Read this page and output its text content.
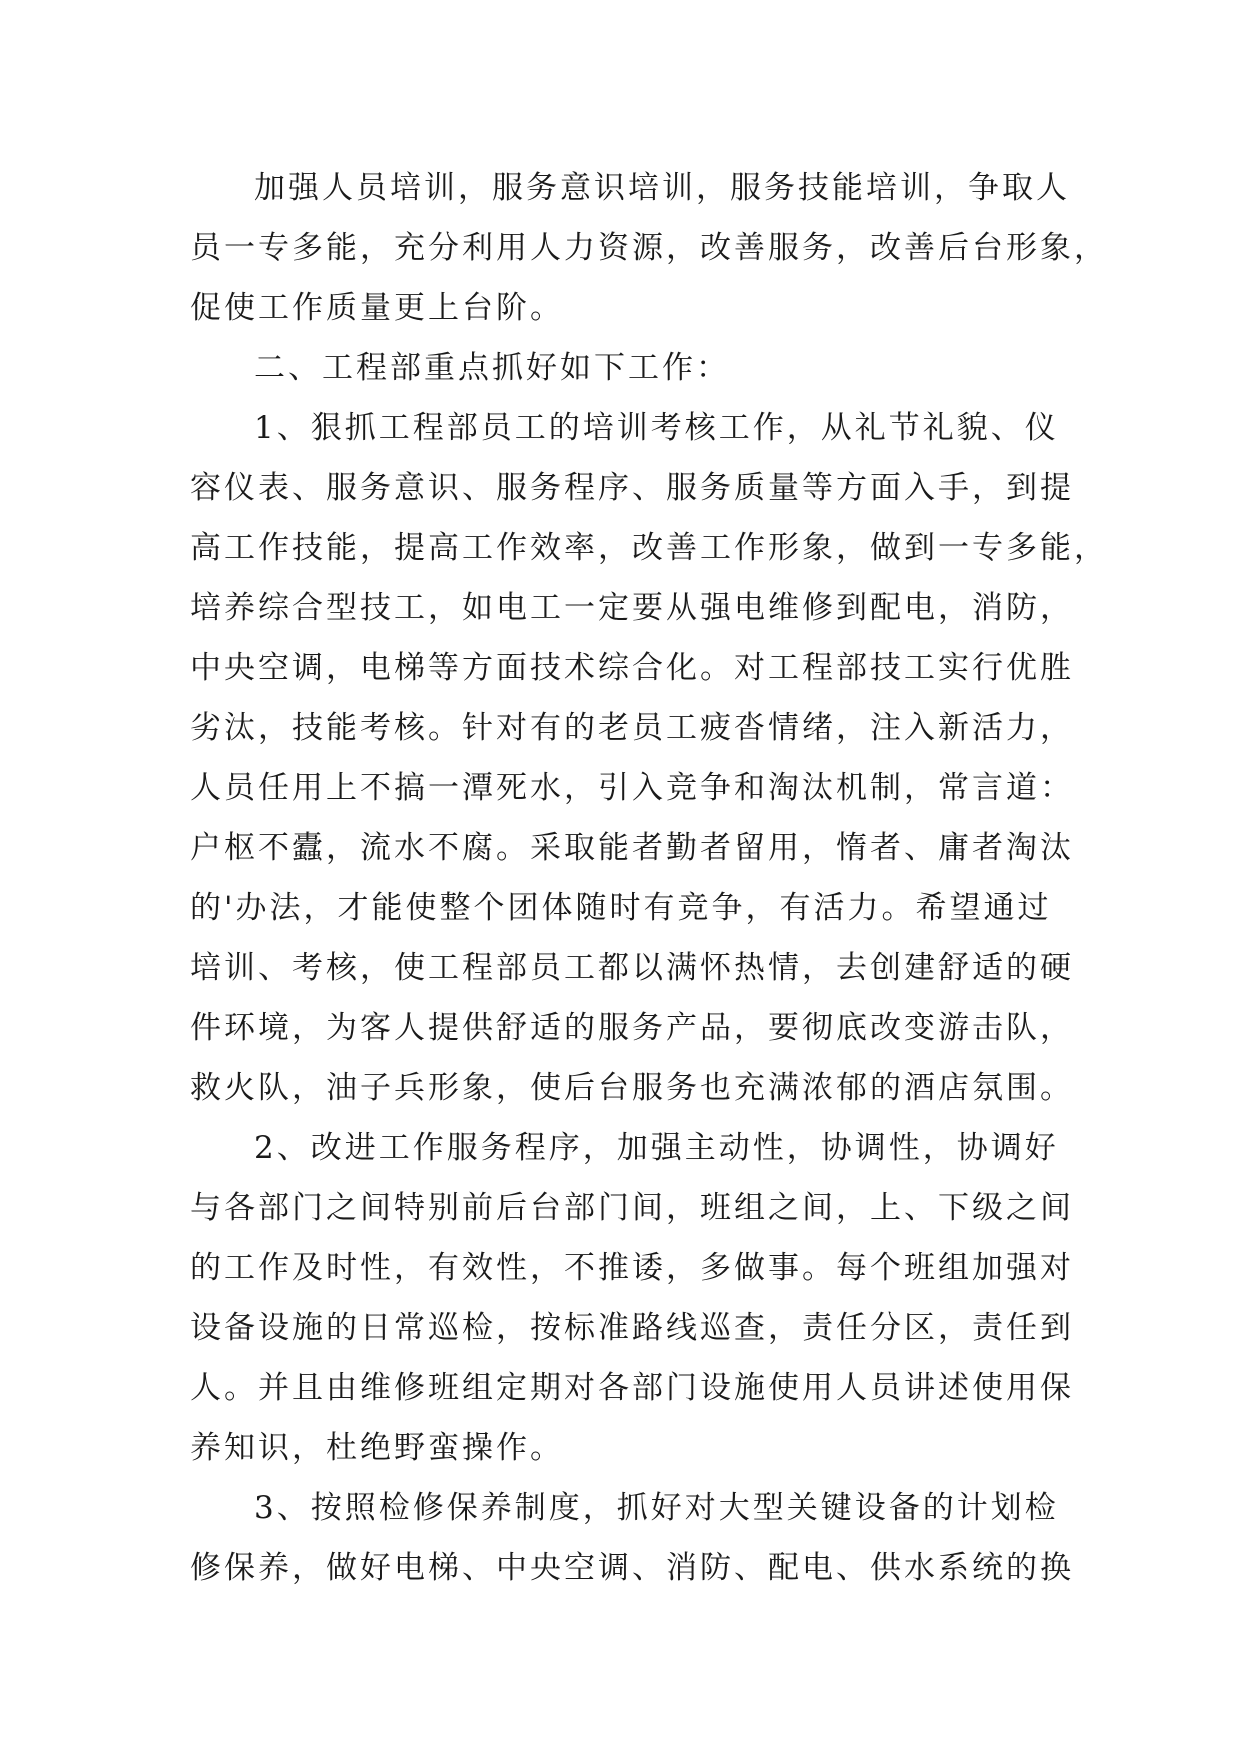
加强人员培训，服务意识培训，服务技能培训，争取人
员一专多能，充分利用人力资源，改善服务，改善后台形象，
促使工作质量更上台阶。
二、工程部重点抓好如下工作：
1、狠抓工程部员工的培训考核工作，从礼节礼貌、仪
容仪表、服务意识、服务程序、服务质量等方面入手，到提
高工作技能，提高工作效率，改善工作形象，做到一专多能，
培养综合型技工，如电工一定要从强电维修到配电，消防，
中央空调，电梯等方面技术综合化。对工程部技工实行优胜
劣汰，技能考核。针对有的老员工疲沓情绪，注入新活力，
人员任用上不搞一潭死水，引入竞争和淘汰机制，常言道：
户枢不蠹，流水不腐。采取能者勤者留用，惰者、庸者淘汰
的'办法，才能使整个团体随时有竞争，有活力。希望通过
培训、考核，使工程部员工都以满怀热情，去创建舒适的硬
件环境，为客人提供舒适的服务产品，要彻底改变游击队，
救火队，油子兵形象，使后台服务也充满浓郁的酒店氛围。
2、改进工作服务程序，加强主动性，协调性，协调好
与各部门之间特别前后台部门间，班组之间，上、下级之间
的工作及时性，有效性，不推诿，多做事。每个班组加强对
设备设施的日常巡检，按标准路线巡查，责任分区，责任到
人。并且由维修班组定期对各部门设施使用人员讲述使用保
养知识，杜绝野蛮操作。
3、按照检修保养制度，抓好对大型关键设备的计划检
修保养，做好电梯、中央空调、消防、配电、供水系统的换
